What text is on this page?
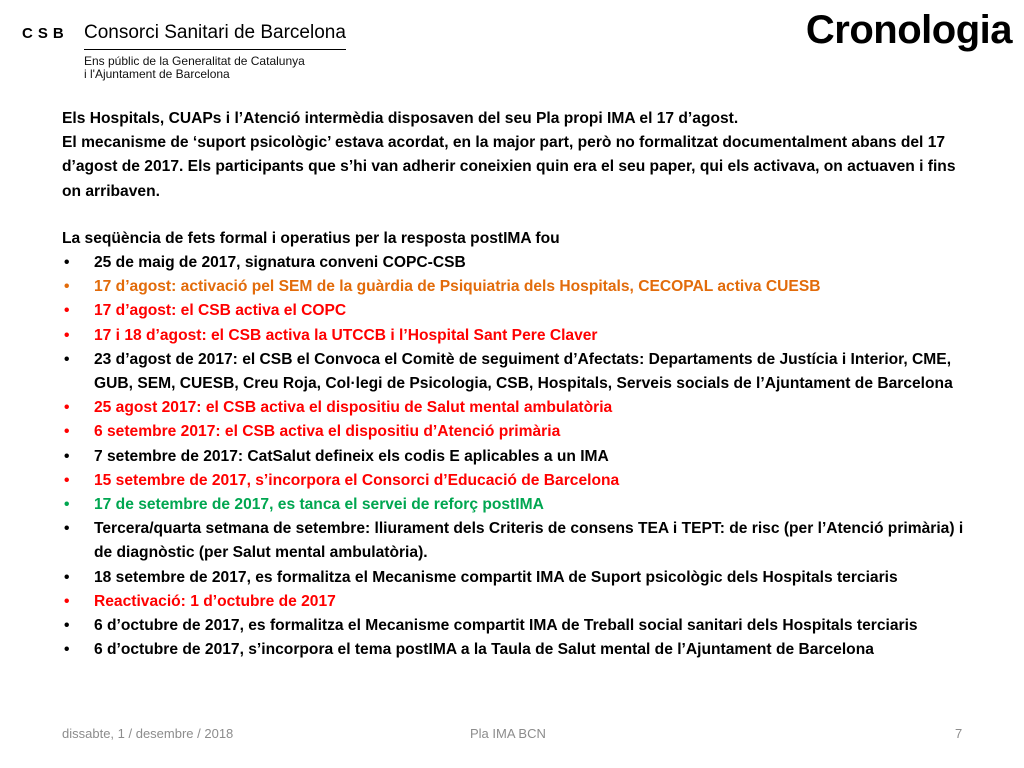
CSB Consorci Sanitari de Barcelona
Ens públic de la Generalitat de Catalunya
i l'Ajuntament de Barcelona
Cronologia

Els Hospitals, CUAPs i l’Atenció intermèdia disposaven del seu Pla propi IMA el 17 d’agost.

El mecanisme de ‘suport psicològic’ estava acordat, en la major part, però no formalitzat documentalment abans del 17 d’agost de 2017. Els participants que s’hi van adherir coneixien quin era el seu paper, qui els activava, on actuaven i fins on arribaven.

La seqüència de fets formal i operatius per la resposta postIMA fou

• 25 de maig de 2017, signatura conveni COPC-CSB
• 17 d’agost: activació pel SEM de la guàrdia de Psiquiatria dels Hospitals, CECOPAL activa CUESB
• 17 d’agost: el CSB activa el COPC
• 17 i 18 d’agost: el CSB activa la UTCCB i l’Hospital Sant Pere Claver
• 23 d’agost de 2017: el CSB el Convoca el Comitè de seguiment d’Afectats: Departaments de Justícia i Interior, CME, GUB, SEM, CUESB, Creu Roja, Col·legi de Psicologia, CSB, Hospitals, Serveis socials de l’Ajuntament de Barcelona
• 25 agost 2017: el CSB activa el dispositiu de Salut mental ambulatòria
• 6 setembre 2017: el CSB activa el dispositiu d’Atenció primària
• 7 setembre de 2017: CatSalut defineix els codis E aplicables a un IMA
• 15 setembre de 2017, s’incorpora el Consorci d’Educació de Barcelona
• 17 de setembre de 2017, es tanca el servei de reforç postIMA
• Tercera/quarta setmana de setembre: lliurament dels Criteris de consens TEA i TEPT: de risc (per l’Atenció primària) i de diagnòstic (per Salut mental ambulatòria).
• 18 setembre de 2017, es formalitza el Mecanisme compartit IMA de Suport psicològic dels Hospitals terciaris
• Reactivació: 1 d’octubre de 2017
• 6 d’octubre de 2017, es formalitza el Mecanisme compartit IMA de Treball social sanitari dels Hospitals terciaris
• 6 d’octubre de 2017, s’incorpora el tema postIMA a la Taula de Salut mental de l’Ajuntament de Barcelona
dissabte, 1 / desembre / 2018	Pla IMA BCN	7
